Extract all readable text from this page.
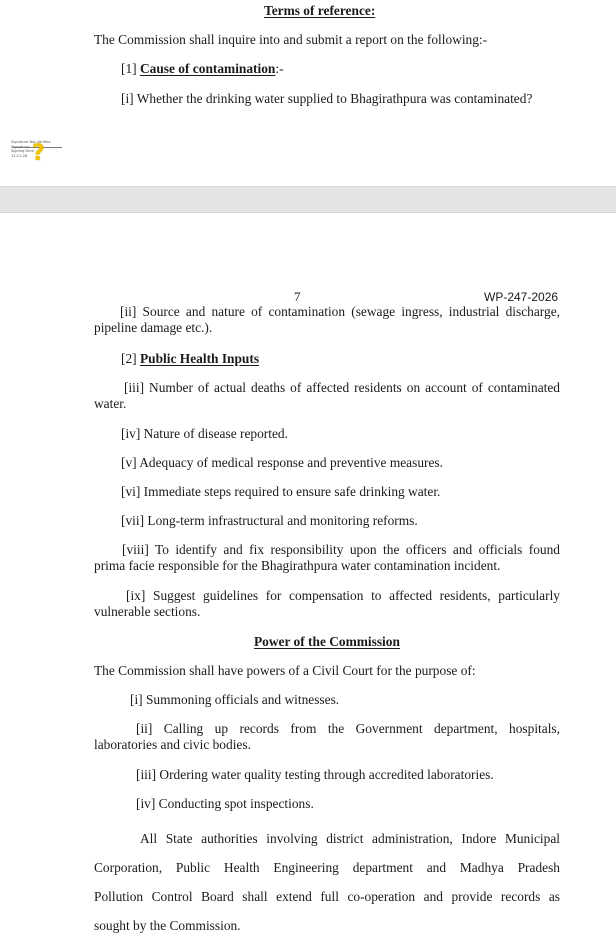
Terms of reference:
The Commission shall inquire into and submit a report on the following:-
[1] Cause of contamination:-
[i] Whether the drinking water supplied to Bhagirathpura was contaminated?
Signature Not Verified
Signing time: ...
12:11:28 ?
7	WP-247-2026
[ii] Source and nature of contamination (sewage ingress, industrial discharge, pipeline damage etc.).
[2] Public Health Inputs
[iii] Number of actual deaths of affected residents on account of contaminated water.
[iv] Nature of disease reported.
[v] Adequacy of medical response and preventive measures.
[vi] Immediate steps required to ensure safe drinking water.
[vii] Long-term infrastructural and monitoring reforms.
[viii] To identify and fix responsibility upon the officers and officials found prima facie responsible for the Bhagirathpura water contamination incident.
[ix] Suggest guidelines for compensation to affected residents, particularly vulnerable sections.
Power of the Commission
The Commission shall have powers of a Civil Court for the purpose of:
[i] Summoning officials and witnesses.
[ii] Calling up records from the Government department, hospitals, laboratories and civic bodies.
[iii] Ordering water quality testing through accredited laboratories.
[iv] Conducting spot inspections.
All State authorities involving district administration, Indore Municipal
Corporation, Public Health Engineering department and Madhya Pradesh
Pollution Control Board shall extend full co-operation and provide records as
sought by the Commission.
